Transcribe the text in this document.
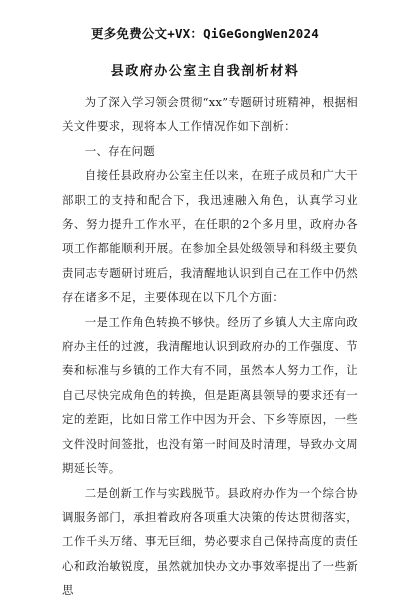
更多免费公文+VX：QiGeGongWen2024
县政府办公室主自我剖析材料

为了深入学习领会贯彻“xx”专题研讨班精神，根据相关文件要求，现将本人工作情况作如下剖析：

一、存在问题

自接任县政府办公室主任以来，在班子成员和广大干部职工的支持和配合下，我迅速融入角色，认真学习业务、努力提升工作水平，在任职的2个多月里，政府办各项工作都能顺利开展。在参加全县处级领导和科级主要负责同志专题研讨班后，我清醒地认识到自己在工作中仍然存在诸多不足，主要体现在以下几个方面：

一是工作角色转换不够快。经历了乡镇人大主席向政府办主任的过渡，我清醒地认识到政府办的工作强度、节奏和标准与乡镇的工作大有不同，虽然本人努力工作，让自己尽快完成角色的转换，但是距离县领导的要求还有一定的差距，比如日常工作中因为开会、下乡等原因，一些文件没时间签批，也没有第一时间及时清理，导致办文周期延长等。

二是创新工作与实践脱节。县政府办作为一个综合协调服务部门，承担着政府各项重大决策的传达贯彻落实，工作千头万绪、事无巨细，势必要求自己保持高度的责任心和政治敏锐度，虽然就加快办文办事效率提出了一些新思
